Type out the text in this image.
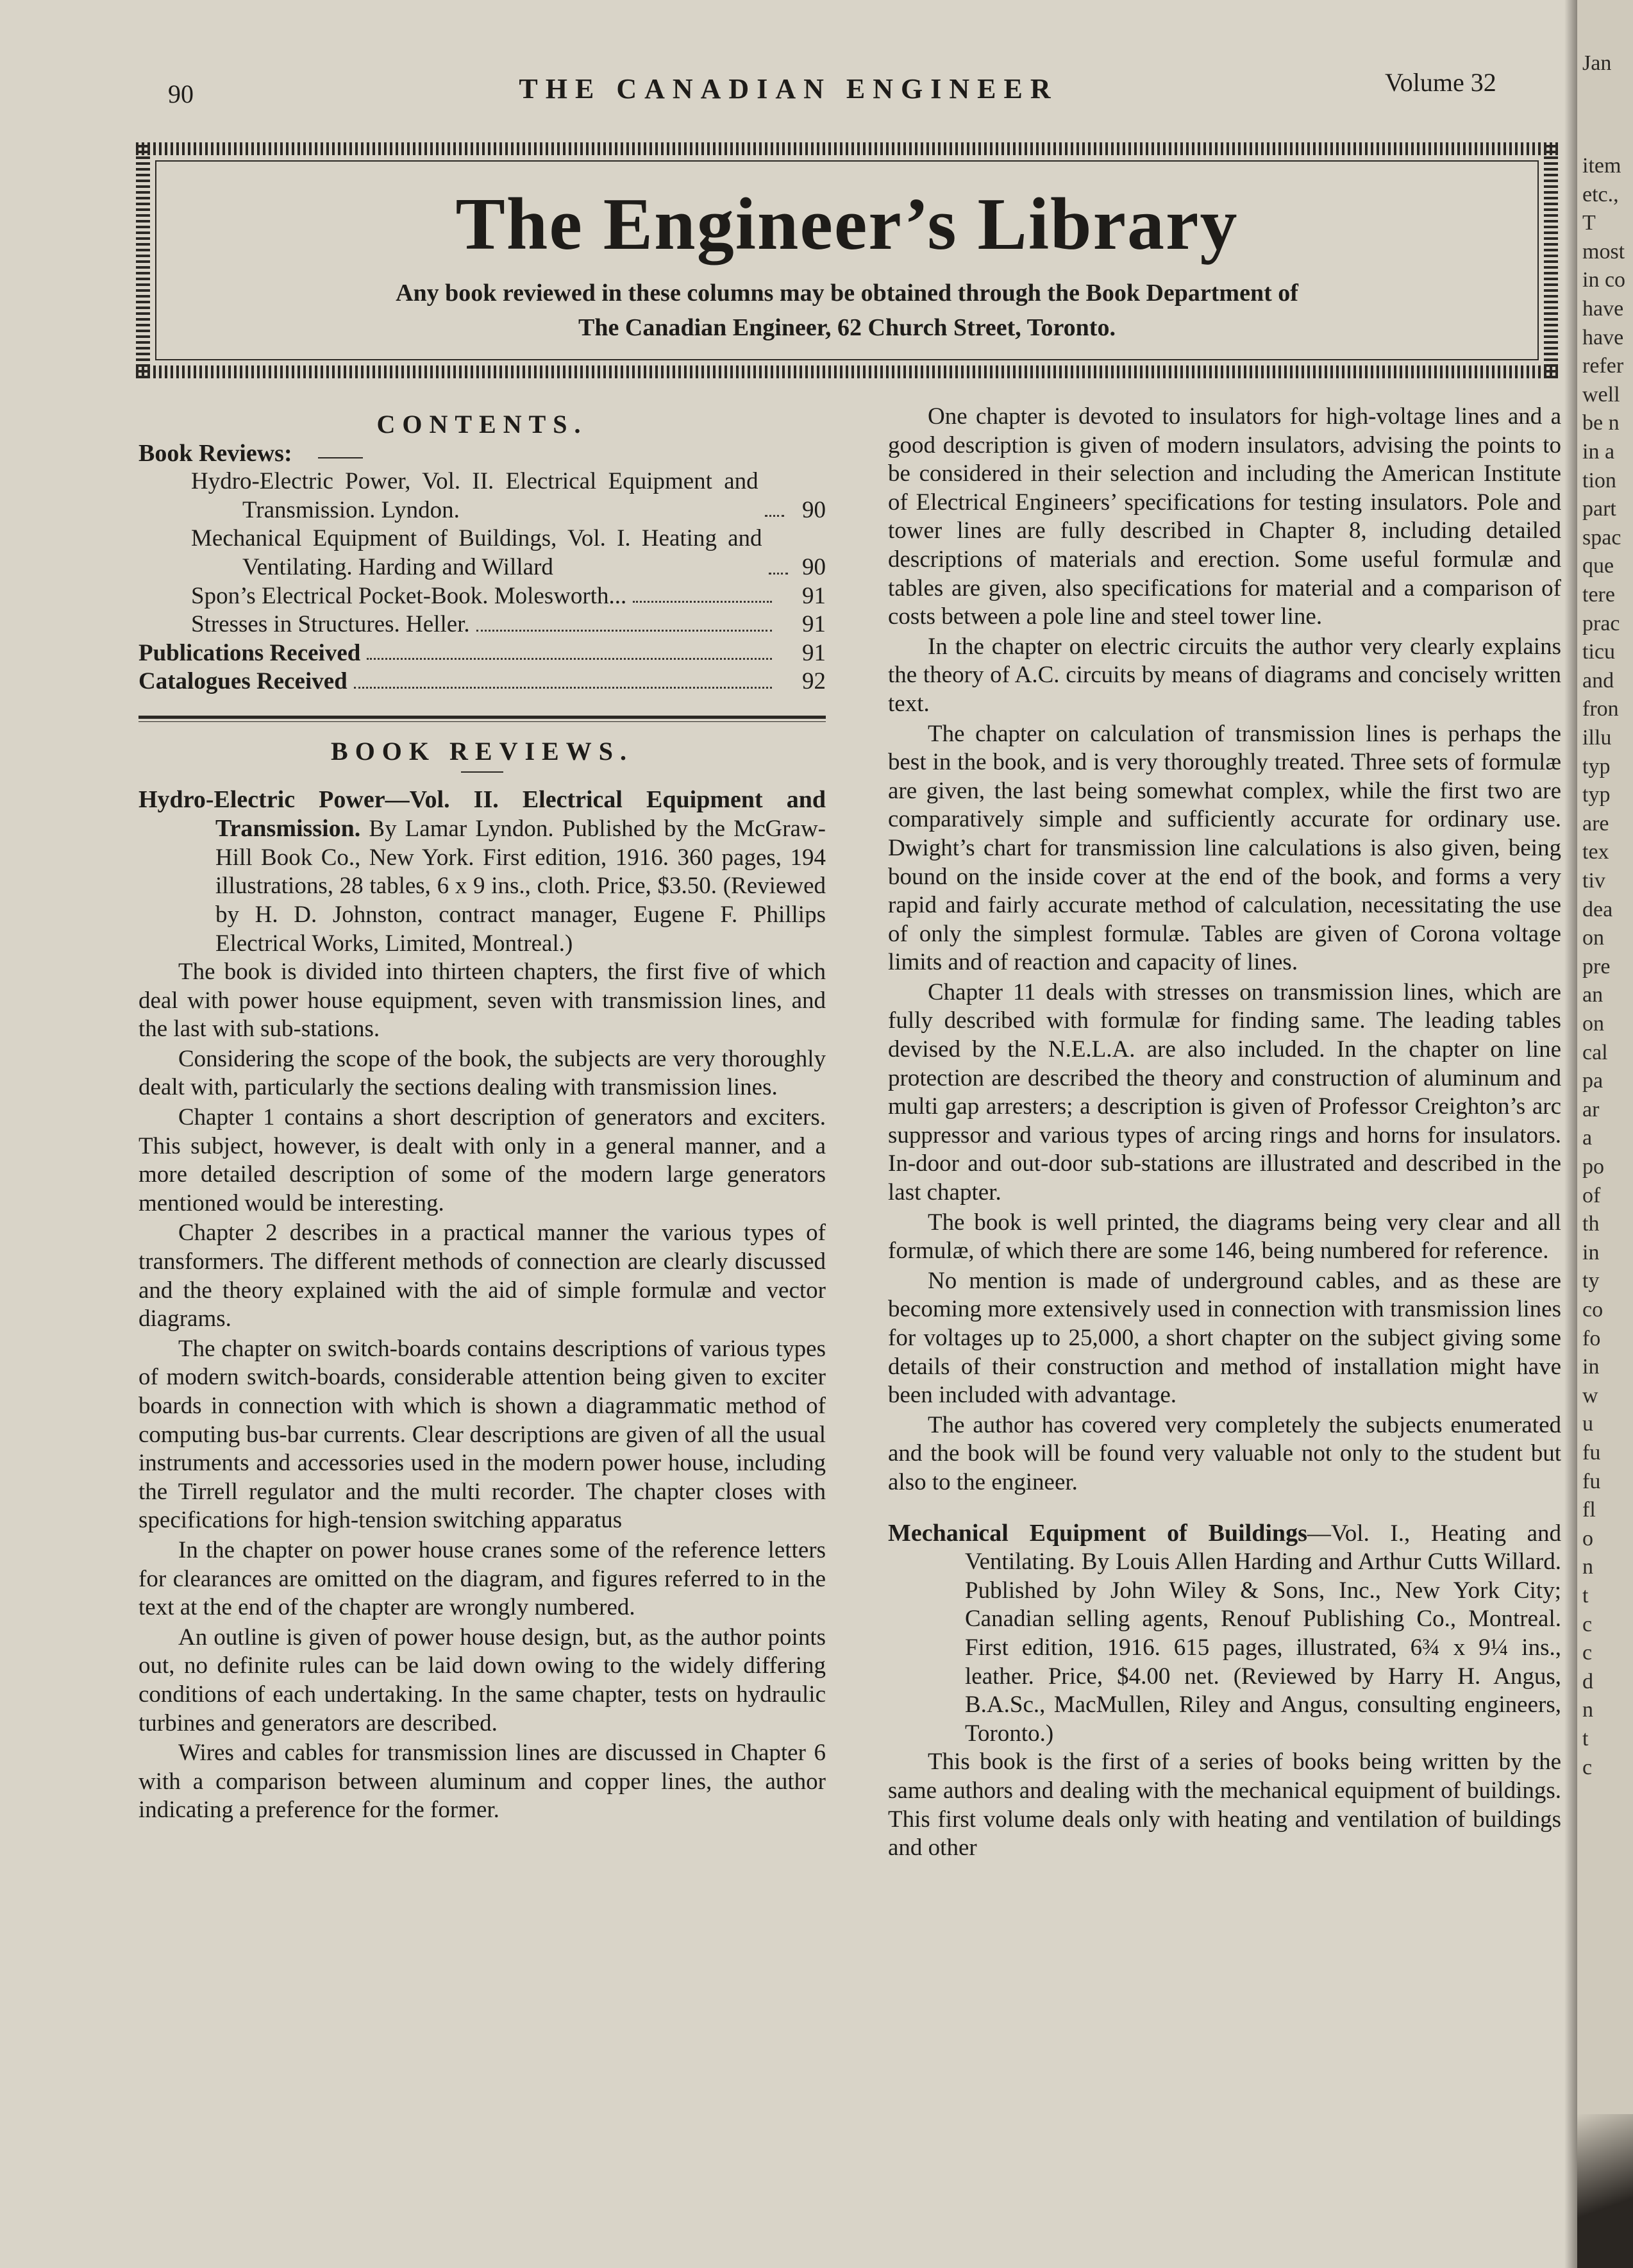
90	THE CANADIAN ENGINEER	Volume 32
The Engineer’s Library
Any book reviewed in these columns may be obtained through the Book Department of
The Canadian Engineer, 62 Church Street, Toronto.
CONTENTS.
Book Reviews:
Hydro-Electric Power, Vol. II. Electrical Equipment and Transmission. Lyndon.	90
Mechanical Equipment of Buildings, Vol. I. Heating and Ventilating. Harding and Willard	90
Spon’s Electrical Pocket-Book. Molesworth...	91
Stresses in Structures. Heller.	91
Publications Received	91
Catalogues Received	92
BOOK REVIEWS.
Hydro-Electric Power—Vol. II. Electrical Equipment and Transmission. By Lamar Lyndon. Published by the McGraw-Hill Book Co., New York. First edition, 1916. 360 pages, 194 illustrations, 28 tables, 6 x 9 ins., cloth. Price, $3.50. (Reviewed by H. D. Johnston, contract manager, Eugene F. Phillips Electrical Works, Limited, Montreal.)

The book is divided into thirteen chapters, the first five of which deal with power house equipment, seven with transmission lines, and the last with sub-stations.

Considering the scope of the book, the subjects are very thoroughly dealt with, particularly the sections dealing with transmission lines.

Chapter 1 contains a short description of generators and exciters. This subject, however, is dealt with only in a general manner, and a more detailed description of some of the modern large generators mentioned would be interesting.

Chapter 2 describes in a practical manner the various types of transformers. The different methods of connection are clearly discussed and the theory explained with the aid of simple formulæ and vector diagrams.

The chapter on switch-boards contains descriptions of various types of modern switch-boards, considerable attention being given to exciter boards in connection with which is shown a diagrammatic method of computing bus-bar currents. Clear descriptions are given of all the usual instruments and accessories used in the modern power house, including the Tirrell regulator and the multi recorder. The chapter closes with specifications for high-tension switching apparatus

In the chapter on power house cranes some of the reference letters for clearances are omitted on the diagram, and figures referred to in the text at the end of the chapter are wrongly numbered.

An outline is given of power house design, but, as the author points out, no definite rules can be laid down owing to the widely differing conditions of each undertaking. In the same chapter, tests on hydraulic turbines and generators are described.

Wires and cables for transmission lines are discussed in Chapter 6 with a comparison between aluminum and copper lines, the author indicating a preference for the former.

One chapter is devoted to insulators for high-voltage lines and a good description is given of modern insulators, advising the points to be considered in their selection and including the American Institute of Electrical Engineers’ specifications for testing insulators. Pole and tower lines are fully described in Chapter 8, including detailed descriptions of materials and erection. Some useful formulæ and tables are given, also specifications for material and a comparison of costs between a pole line and steel tower line.

In the chapter on electric circuits the author very clearly explains the theory of A.C. circuits by means of diagrams and concisely written text.

The chapter on calculation of transmission lines is perhaps the best in the book, and is very thoroughly treated. Three sets of formulæ are given, the last being somewhat complex, while the first two are comparatively simple and sufficiently accurate for ordinary use. Dwight’s chart for transmission line calculations is also given, being bound on the inside cover at the end of the book, and forms a very rapid and fairly accurate method of calculation, necessitating the use of only the simplest formulæ. Tables are given of Corona voltage limits and of reaction and capacity of lines.

Chapter 11 deals with stresses on transmission lines, which are fully described with formulæ for finding same. The leading tables devised by the N.E.L.A. are also included. In the chapter on line protection are described the theory and construction of aluminum and multi gap arresters; a description is given of Professor Creighton’s arc suppressor and various types of arcing rings and horns for insulators. In-door and out-door sub-stations are illustrated and described in the last chapter.

The book is well printed, the diagrams being very clear and all formulæ, of which there are some 146, being numbered for reference.

No mention is made of underground cables, and as these are becoming more extensively used in connection with transmission lines for voltages up to 25,000, a short chapter on the subject giving some details of their construction and method of installation might have been included with advantage.

The author has covered very completely the subjects enumerated and the book will be found very valuable not only to the student but also to the engineer.

Mechanical Equipment of Buildings—Vol. I., Heating and Ventilating. By Louis Allen Harding and Arthur Cutts Willard. Published by John Wiley & Sons, Inc., New York City; Canadian selling agents, Renouf Publishing Co., Montreal. First edition, 1916. 615 pages, illustrated, 6¾ x 9¼ ins., leather. Price, $4.00 net. (Reviewed by Harry H. Angus, B.A.Sc., MacMullen, Riley and Angus, consulting engineers, Toronto.)

This book is the first of a series of books being written by the same authors and dealing with the mechanical equipment of buildings. This first volume deals only with heating and ventilation of buildings and other

Jan
item
etc.,
T
most
in co
have
have
refer
well
be n
in a
tion
part
spac
que
tere
prac
ticu
and
fron
illu
typ
typ
are
tex
tiv
dea
on
pre
an
on
cal
pa
ar
a
po
of
th
in
ty
co
fo
in
w
u
fu
fu
fl
o
n
t
c
c
d
n
t
c
